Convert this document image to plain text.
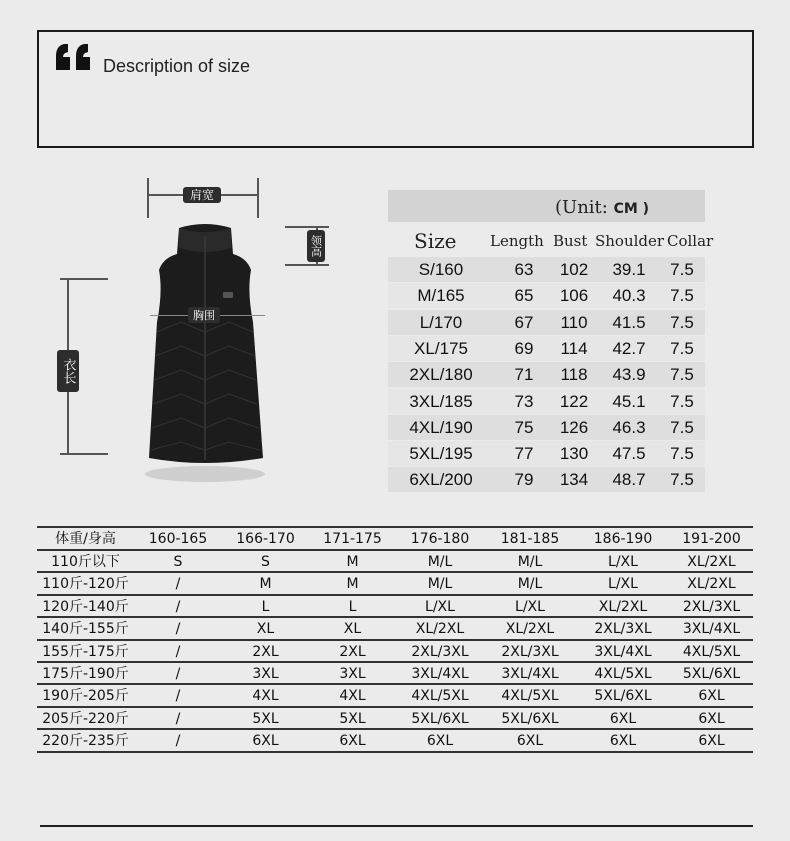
Description of size
肩宽
领高
衣长
胸围
(Unit: CM )
Size Length Bust Shoulder Collar
S/160	63	102	39.1	7.5
M/165	65	106	40.3	7.5
L/170	67	110	41.5	7.5
XL/175	69	114	42.7	7.5
2XL/180	71	118	43.9	7.5
3XL/185	73	122	45.1	7.5
4XL/190	75	126	46.3	7.5
5XL/195	77	130	47.5	7.5
6XL/200	79	134	48.7	7.5
体重/身高	160-165	166-170	171-175	176-180	181-185	186-190	191-200
110斤以下	S	S	M	M/L	M/L	L/XL	XL/2XL
110斤-120斤	/	M	M	M/L	M/L	L/XL	XL/2XL
120斤-140斤	/	L	L	L/XL	L/XL	XL/2XL	2XL/3XL
140斤-155斤	/	XL	XL	XL/2XL	XL/2XL	2XL/3XL	3XL/4XL
155斤-175斤	/	2XL	2XL	2XL/3XL	2XL/3XL	3XL/4XL	4XL/5XL
175斤-190斤	/	3XL	3XL	3XL/4XL	3XL/4XL	4XL/5XL	5XL/6XL
190斤-205斤	/	4XL	4XL	4XL/5XL	4XL/5XL	5XL/6XL	6XL
205斤-220斤	/	5XL	5XL	5XL/6XL	5XL/6XL	6XL	6XL
220斤-235斤	/	6XL	6XL	6XL	6XL	6XL	6XL
